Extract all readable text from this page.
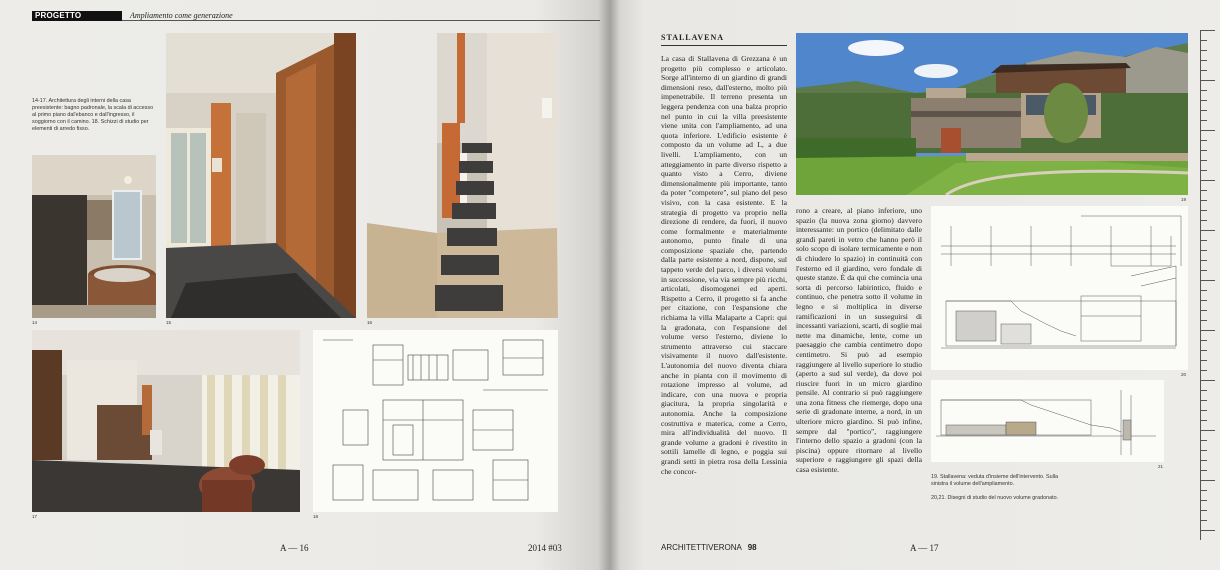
PROGETTO	Ampliamento come generazione
14-17. Architettura degli interni della casa preesistente: bagno padronale, la scala di accesso al primo piano dal'ebanco e dall'ingresso, il soggiorno con il camino. 18. Schizzi di studio per elementi di arredo fisso.
14	15	16
17	18
A — 16	2014 #03
STALLAVENA
La casa di Stallavena di Grezzana è un progetto più complesso e articolato. Sorge all'interno di un giardino di grandi dimensioni reso, dall'esterno, molto più impenetrabile. Il terreno presenta un leggera pendenza con una balza proprio nel punto in cui la villa preesistente viene unita con l'ampliamento, ad una quota inferiore. L'edificio esistente è composto da un volume ad L, a due livelli. L'ampliamento, con un atteggiamento in parte diverso rispetto a quanto visto a Cerro, diviene dimensionalmente più importante, tanto da poter "competere", sul piano del peso visivo, con la casa esistente. E la strategia di progetto va proprio nella direzione di rendere, da fuori, il nuovo come formalmente e materialmente autonomo, punto finale di una composizione spaziale che, partendo dalla parte esistente a nord, dispone, sul tappeto verde del parco, i diversi volumi in successione, via via sempre più ricchi, articolati, disomogenei ed aperti. Rispetto a Cerro, il progetto si fa anche per citazione, con l'espansione che richiama la villa Malaparte a Capri: qui la gradonata, con l'espansione del volume verso l'esterno, diviene lo strumento attraverso cui staccare visivamente il nuovo dall'esistente. L'autonomia del nuovo diventa chiara anche in pianta con il movimento di rotazione impresso al volume, ad indicare, con una nuova e propria giacitura, la propria singolarità e autonomia. Anche la composizione costruttiva e materica, come a Cerro, mira all'individualità del nuovo. Il grande volume a gradoni è rivestito in sottili lamelle di legno, e poggia sui grandi setti in pietra rosa della Lessinia che concor-
rono a creare, al piano inferiore, uno spazio (la nuova zona giorno) davvero interessante: un portico (delimitato dalle grandi pareti in vetro che hanno però il solo scopo di isolare termicamente e non di chiudere lo spazio) in continuità con l'esterno ed il giardino, vero fondale di queste stanze. È da qui che comincia una sorta di percorso labirintico, fluido e continuo, che penetra sotto il volume in legno e si moltiplica in diverse ramificazioni in un susseguirsi di incessanti variazioni, scarti, di soglie mai nette ma dinamiche, lente, come un paesaggio che cambia centimetro dopo centimetro. Si può ad esempio raggiungere al livello superiore lo studio (aperto a sud sul verde), da dove poi riuscire fuori in un micro giardino pensile. Al contrario si può raggiungere una zona fitness che riemerge, dopo una serie di gradonate interne, a nord, in un ulteriore micro giardino. Si può infine, sempre dal "portico", raggiungere l'interno dello spazio a gradoni (con la piscina) oppure ritornare al livello superiore e raggiungere gli spazi della casa esistente.
19
20
21
19. Stallavena: veduta d'insieme dell'intervento. Sulla sinistra il volume dell'ampliamento.
20,21. Disegni di studio del nuovo volume gradonato.
ARCHITETTIVERONA 98	A — 17
